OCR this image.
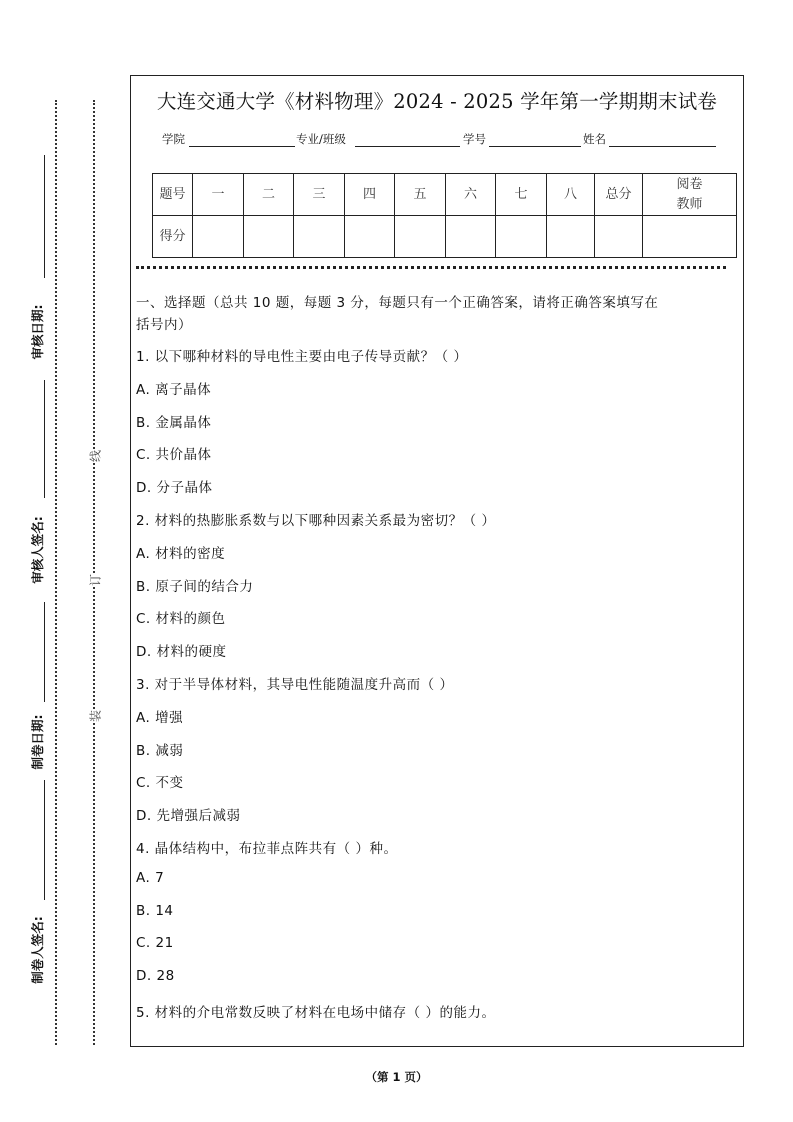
线
订
装
审核日期:
审核人签名:
制卷日期:
制卷人签名:
大连交通大学《材料物理》2024 - 2025 学年第一学期期末试卷
学院	专业/班级	学号	姓名
题号	一	二	三	四	五	六	七	八	总分	阅卷教师
得分										
一、选择题（总共 10 题，每题 3 分，每题只有一个正确答案，请将正确答案填写在
括号内）
1. 以下哪种材料的导电性主要由电子传导贡献？（ ）
A. 离子晶体
B. 金属晶体
C. 共价晶体
D. 分子晶体
2. 材料的热膨胀系数与以下哪种因素关系最为密切？（ ）
A. 材料的密度
B. 原子间的结合力
C. 材料的颜色
D. 材料的硬度
3. 对于半导体材料，其导电性能随温度升高而（ ）
A. 增强
B. 减弱
C. 不变
D. 先增强后减弱
4. 晶体结构中，布拉菲点阵共有（ ）种。
A. 7
B. 14
C. 21
D. 28
5. 材料的介电常数反映了材料在电场中储存（ ）的能力。
（第 1 页）
